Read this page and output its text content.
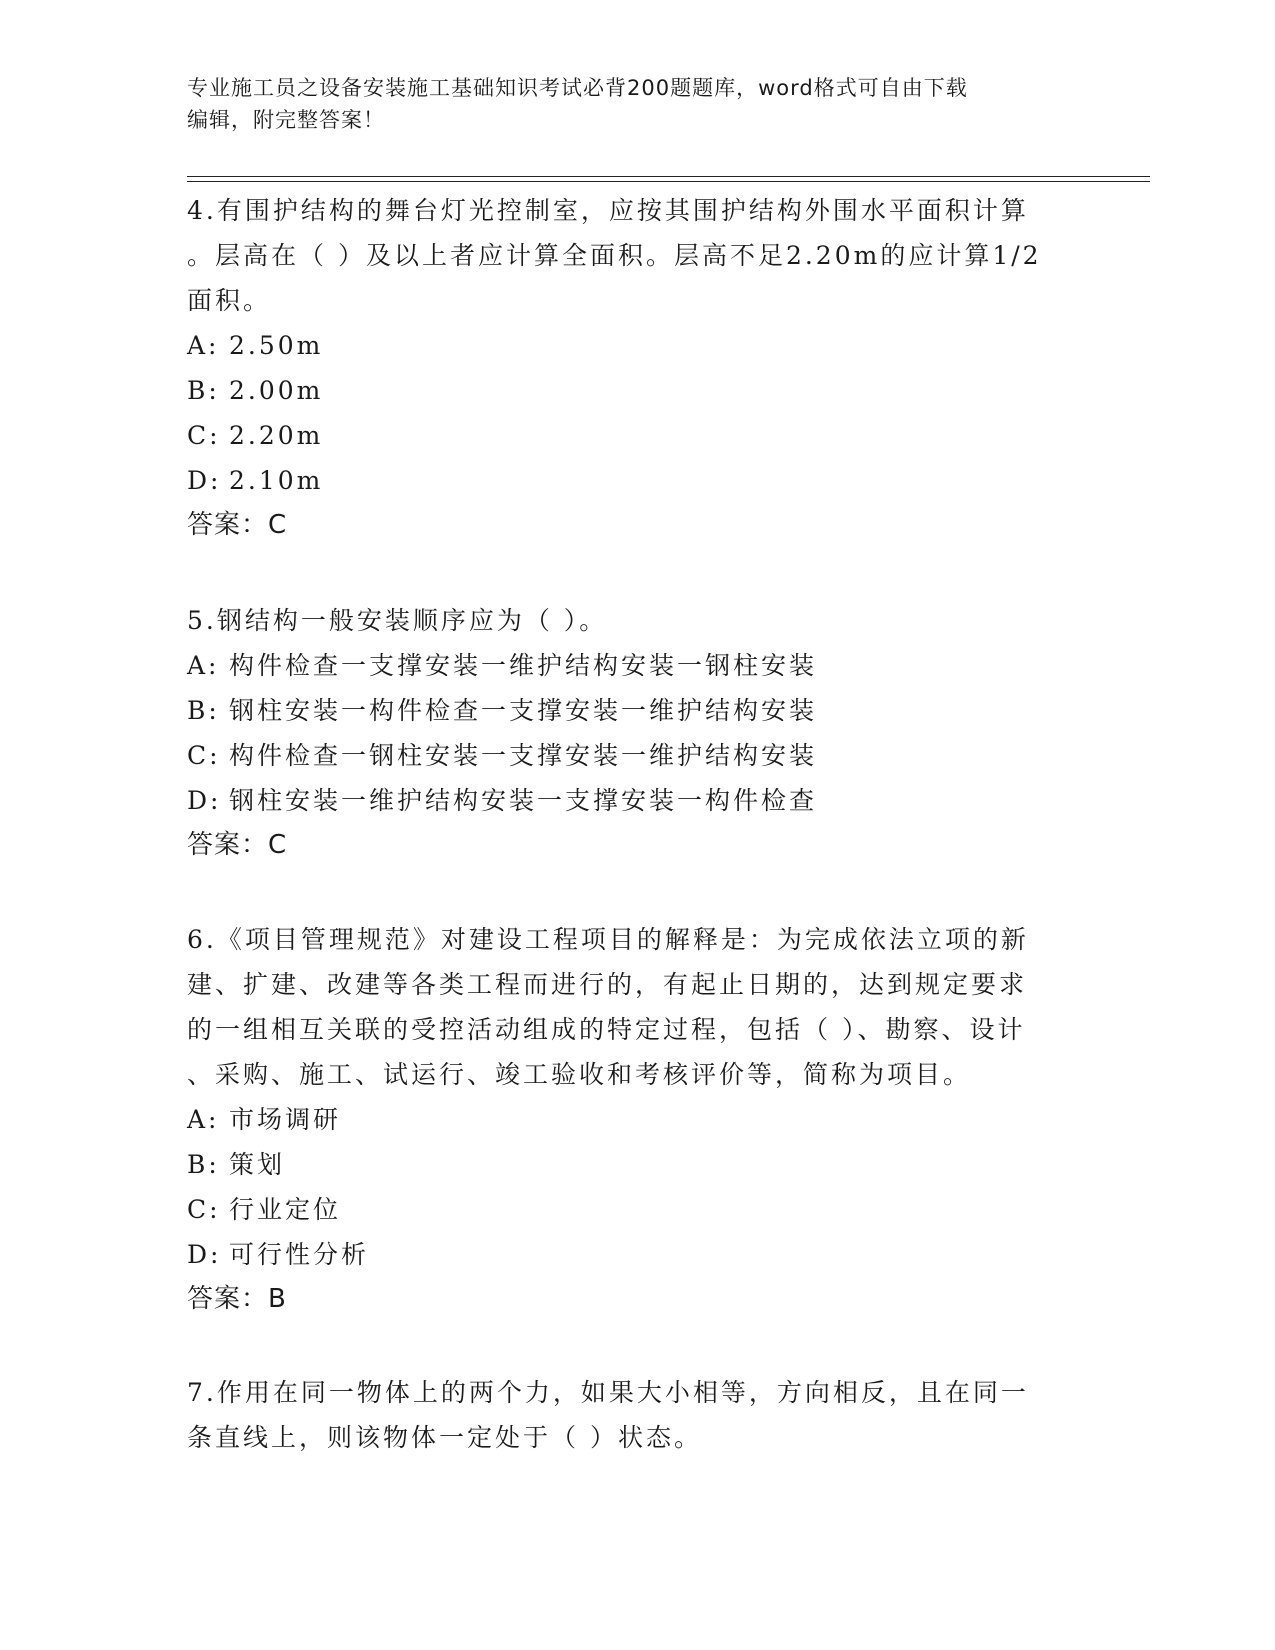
专业施工员之设备安装施工基础知识考试必背200题题库，word格式可自由下载
编辑，附完整答案！
4.有围护结构的舞台灯光控制室，应按其围护结构外围水平面积计算
。层高在（ ）及以上者应计算全面积。层高不足2.20m的应计算1/2
面积。
A: 2.50m
B: 2.00m
C: 2.20m
D: 2.10m
答案：C
5.钢结构一般安装顺序应为（ ）。
A: 构件检查一支撑安装一维护结构安装一钢柱安装
B: 钢柱安装一构件检查一支撑安装一维护结构安装
C: 构件检查一钢柱安装一支撑安装一维护结构安装
D: 钢柱安装一维护结构安装一支撑安装一构件检查
答案：C
6.《项目管理规范》对建设工程项目的解释是：为完成依法立项的新
建、扩建、改建等各类工程而进行的，有起止日期的，达到规定要求
的一组相互关联的受控活动组成的特定过程，包括（ ）、勘察、设计
、采购、施工、试运行、竣工验收和考核评价等，简称为项目。
A: 市场调研
B: 策划
C: 行业定位
D: 可行性分析
答案：B
7.作用在同一物体上的两个力，如果大小相等，方向相反，且在同一
条直线上，则该物体一定处于（ ）状态。
